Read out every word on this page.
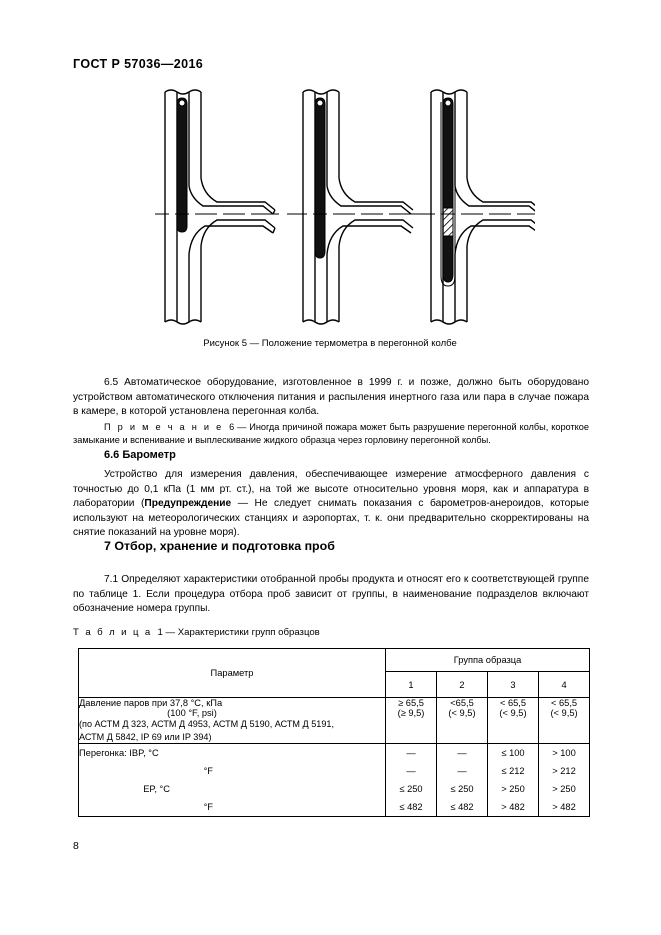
ГОСТ Р 57036—2016
Рисунок 5 — Положение термометра в перегонной колбе
6.5 Автоматическое оборудование, изготовленное в 1999 г. и позже, должно быть оборудовано устройством автоматического отключения питания и распыления инертного газа или пара в случае пожара в камере, в которой установлена перегонная колба.
П р и м е ч а н и е 6 — Иногда причиной пожара может быть разрушение перегонной колбы, короткое замыкание и вспенивание и выплескивание жидкого образца через горловину перегонной колбы.
6.6 Барометр
Устройство для измерения давления, обеспечивающее измерение атмосферного давления с точностью до 0,1 кПа (1 мм рт. ст.), на той же высоте относительно уровня моря, как и аппаратура в лаборатории (Предупреждение — Не следует снимать показания с барометров-анероидов, которые используют на метеорологических станциях и аэропортах, т. к. они предварительно скорректированы на снятие показаний на уровне моря).
7 Отбор, хранение и подготовка проб
7.1 Определяют характеристики отобранной пробы продукта и относят его к соответствующей группе по таблице 1. Если процедура отбора проб зависит от группы, в наименование подразделов включают обозначение номера группы.
Т а б л и ц а 1 — Характеристики групп образцов
Параметр	Группа образца			
	1	2	3	4

Давление паров при 37,8 °С, кПа	≥ 65,5	<65,5	< 65,5	< 65,5

(100 °F, psi)	(≥ 9,5)	(< 9,5)	(< 9,5)	(< 9,5)

(по АСТМ Д 323, АСТМ Д 4953, АСТМ Д 5190, АСТМ Д 5191,
АСТМ Д 5842, IP 69 или IP 394)				

Перегонка: IBP, °С	—	—	≤ 100	> 100

°F	—	—	≤ 212	> 212

EP, °С	≤ 250	≤ 250	> 250	> 250

°F	≤ 482	≤ 482	> 482	> 482
8
